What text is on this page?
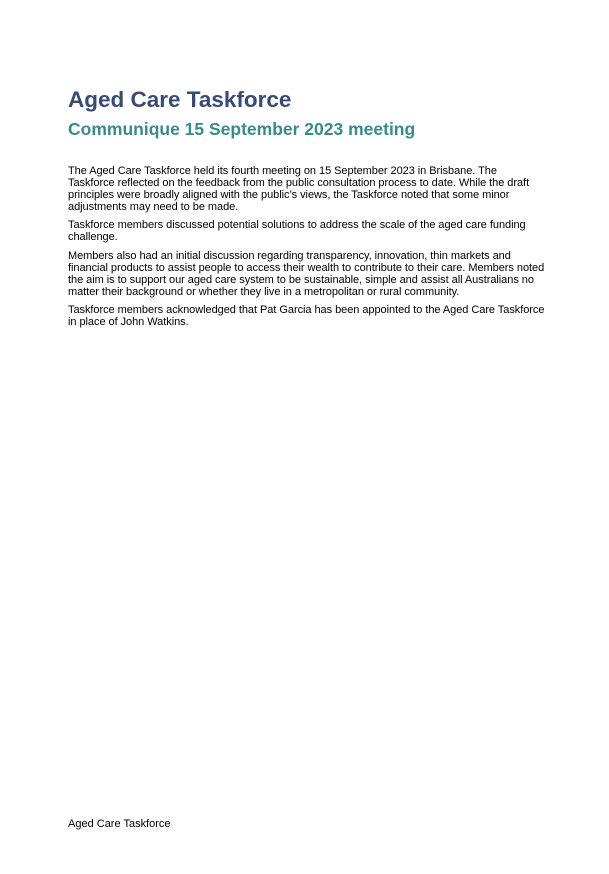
Aged Care Taskforce
Communique 15 September 2023 meeting

The Aged Care Taskforce held its fourth meeting on 15 September 2023 in Brisbane. The Taskforce reflected on the feedback from the public consultation process to date. While the draft principles were broadly aligned with the public’s views, the Taskforce noted that some minor adjustments may need to be made.

Taskforce members discussed potential solutions to address the scale of the aged care funding challenge.

Members also had an initial discussion regarding transparency, innovation, thin markets and financial products to assist people to access their wealth to contribute to their care. Members noted the aim is to support our aged care system to be sustainable, simple and assist all Australians no matter their background or whether they live in a metropolitan or rural community.

Taskforce members acknowledged that Pat Garcia has been appointed to the Aged Care Taskforce in place of John Watkins.

Aged Care Taskforce
